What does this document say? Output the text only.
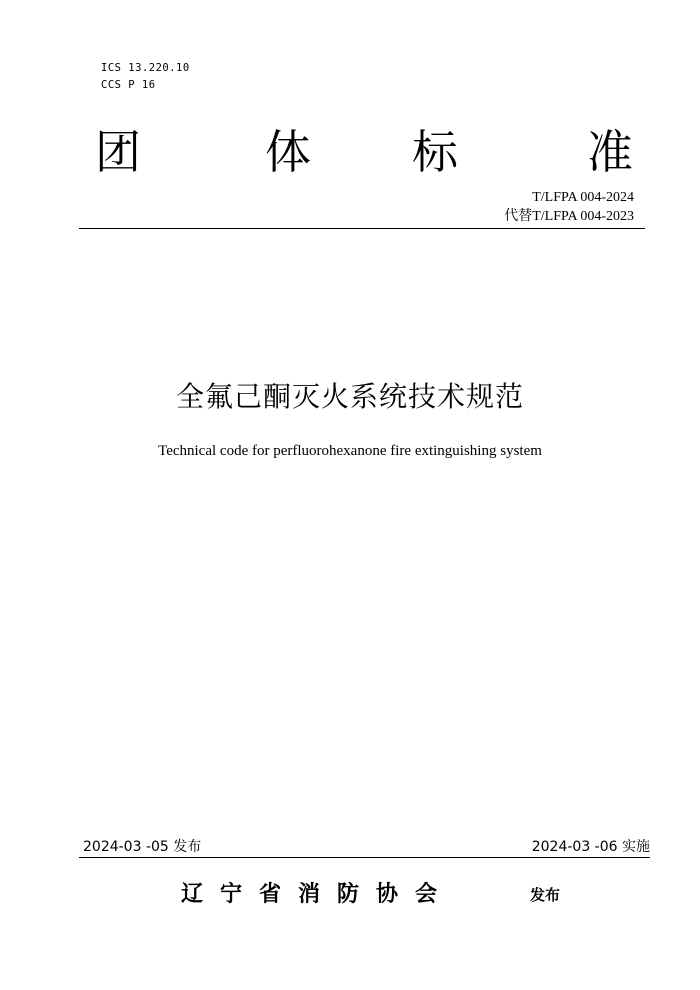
ICS 13.220.10
CCS P 16
团	体 标	准
T/LFPA 004-2024
代替T/LFPA 004-2023
全氟己酮灭火系统技术规范
Technical code for perfluorohexanone fire extinguishing system
2024-03 -05 发布	2024-03 -06 实施
辽宁省消防协会	发布
